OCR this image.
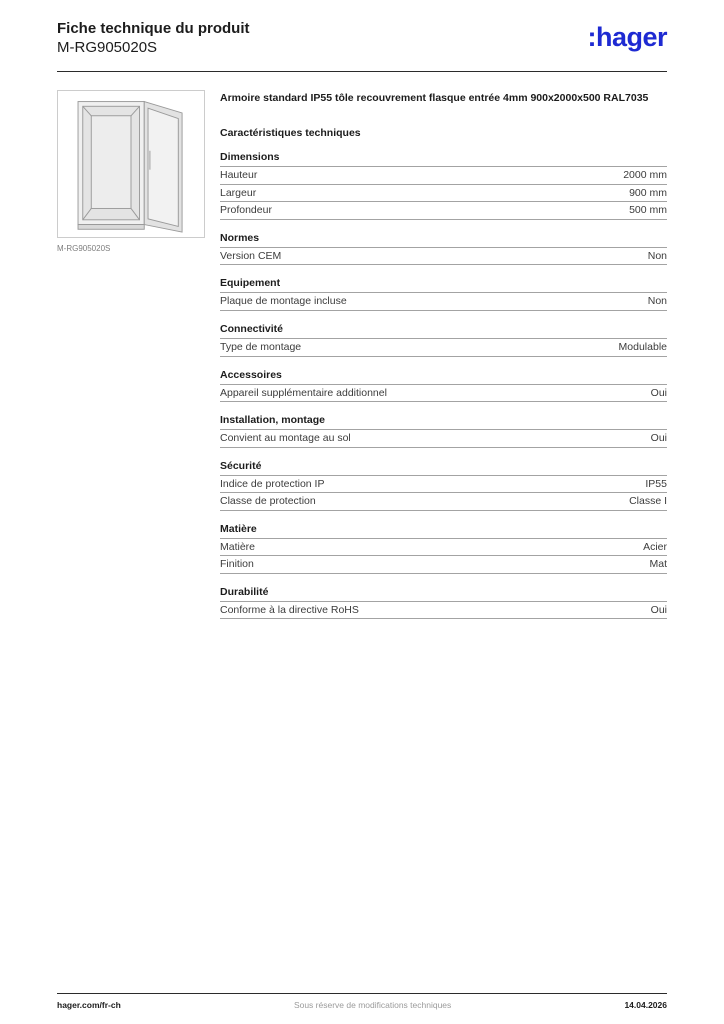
Fiche technique du produit
M-RG905020S	:hager
M-RG905020S
Armoire standard IP55 tôle recouvrement flasque entrée 4mm 900x2000x500 RAL7035
Caractéristiques techniques
Dimensions
Hauteur	2000 mm
Largeur	900 mm
Profondeur	500 mm
Normes
Version CEM	Non
Equipement
Plaque de montage incluse	Non
Connectivité
Type de montage	Modulable
Accessoires
Appareil supplémentaire additionnel	Oui
Installation, montage
Convient au montage au sol	Oui
Sécurité
Indice de protection IP	IP55
Classe de protection	Classe I
Matière
Matière	Acier
Finition	Mat
Durabilité
Conforme à la directive RoHS	Oui
hager.com/fr-ch	Sous réserve de modifications techniques	14.04.2026
